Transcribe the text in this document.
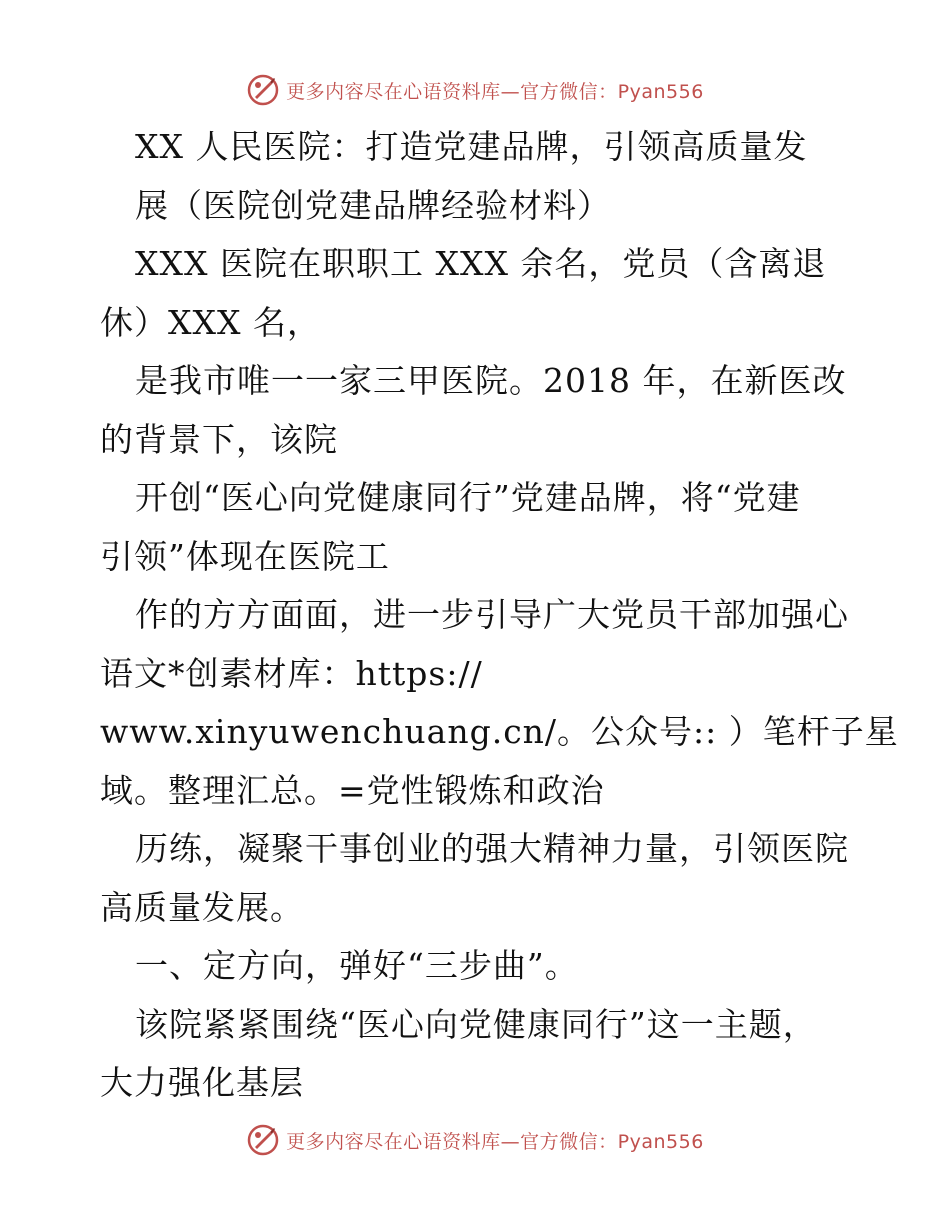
更多内容尽在心语资料库—官方微信：Pyan556
XX 人民医院：打造党建品牌，引领高质量发
展（医院创党建品牌经验材料）
XXX 医院在职职工 XXX 余名，党员（含离退
休）XXX 名，
是我市唯一一家三甲医院。2018 年，在新医改
的背景下，该院
开创“医心向党健康同行”党建品牌，将“党建
引领”体现在医院工
作的方方面面，进一步引导广大党员干部加强心
语文*创素材库：https://
www.xinyuwenchuang.cn/。公众号:: ）笔杆子星
域。整理汇总。=党性锻炼和政治
历练，凝聚干事创业的强大精神力量，引领医院
高质量发展。
一、定方向，弹好“三步曲”。
该院紧紧围绕“医心向党健康同行”这一主题，
大力强化基层
更多内容尽在心语资料库—官方微信：Pyan556
